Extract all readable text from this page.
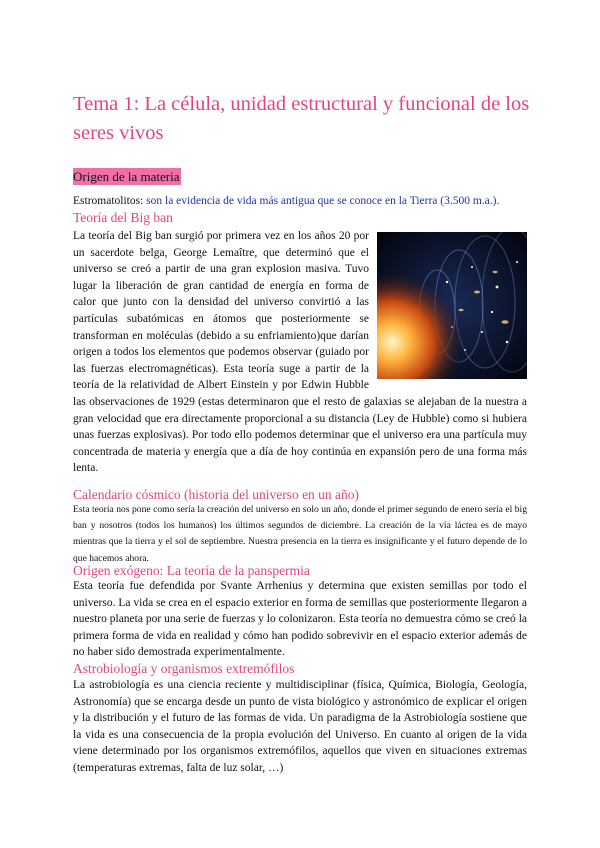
Tema 1: La célula, unidad estructural y funcional de los seres vivos
Origen de la materia
Estromatolitos: son la evidencia de vida más antigua que se conoce en la Tierra (3.500 m.a.).
Teoría del Big ban
La teoría del Big ban surgió por primera vez en los años 20 por un sacerdote belga, George Lemaître, que determinó que el universo se creó a partir de una gran explosion masiva. Tuvo lugar la liberación de gran cantidad de energía en forma de calor que junto con la densidad del universo convirtió a las partículas subatómicas en átomos que posteriormente se transforman en moléculas (debido a su enfriamiento)que darían origen a todos los elementos que podemos observar (guiado por las fuerzas electromagnéticas). Esta teoría suge a partir de la teoría de la relatividad de Albert Einstein y por Edwin Hubble las observaciones de 1929 (estas determinaron que el resto de galaxias se alejaban de la nuestra a gran velocidad que era directamente proporcional a su distancia (Ley de Hubble) como si hubiera unas fuerzas explosivas). Por todo ello podemos determinar que el universo era una partícula muy concentrada de materia y energía que a día de hoy continúa en expansión pero de una forma más lenta.
Calendario cósmico (historia del universo en un año)

Esta teoría nos pone como sería la creación del universo en solo un año, donde el primer segundo de enero sería el big ban y nosotros (todos los humanos) los últimos segundos de diciembre. La creación de la vía láctea es de mayo mientras que la tierra y el sol de septiembre. Nuestra presencia en la tierra es insignificante y el futuro depende de lo que hacemos ahora.

Origen exógeno: La teoría de la panspermia

Esta teoría fue defendida por Svante Arrhenius y determina que existen semillas por todo el universo. La vida se crea en el espacio exterior en forma de semillas que posteriormente llegaron a nuestro planeta por una serie de fuerzas y lo colonizaron. Esta teoría no demuestra cómo se creó la primera forma de vida en realidad y cómo han podido sobrevivir en el espacio exterior además de no haber sido demostrada experimentalmente.

Astrobiología y organismos extremófilos

La astrobiología es una ciencia reciente y multidisciplinar (física, Química, Biología, Geología, Astronomía) que se encarga desde un punto de vista biológico y astronómico de explicar el origen y la distribución y el futuro de las formas de vida. Un paradigma de la Astrobiología sostiene que la vida es una consecuencia de la propia evolución del Universo. En cuanto al origen de la vida viene determinado por los organismos extremófilos, aquellos que viven en situaciones extremas (temperaturas extremas, falta de luz solar, …)
